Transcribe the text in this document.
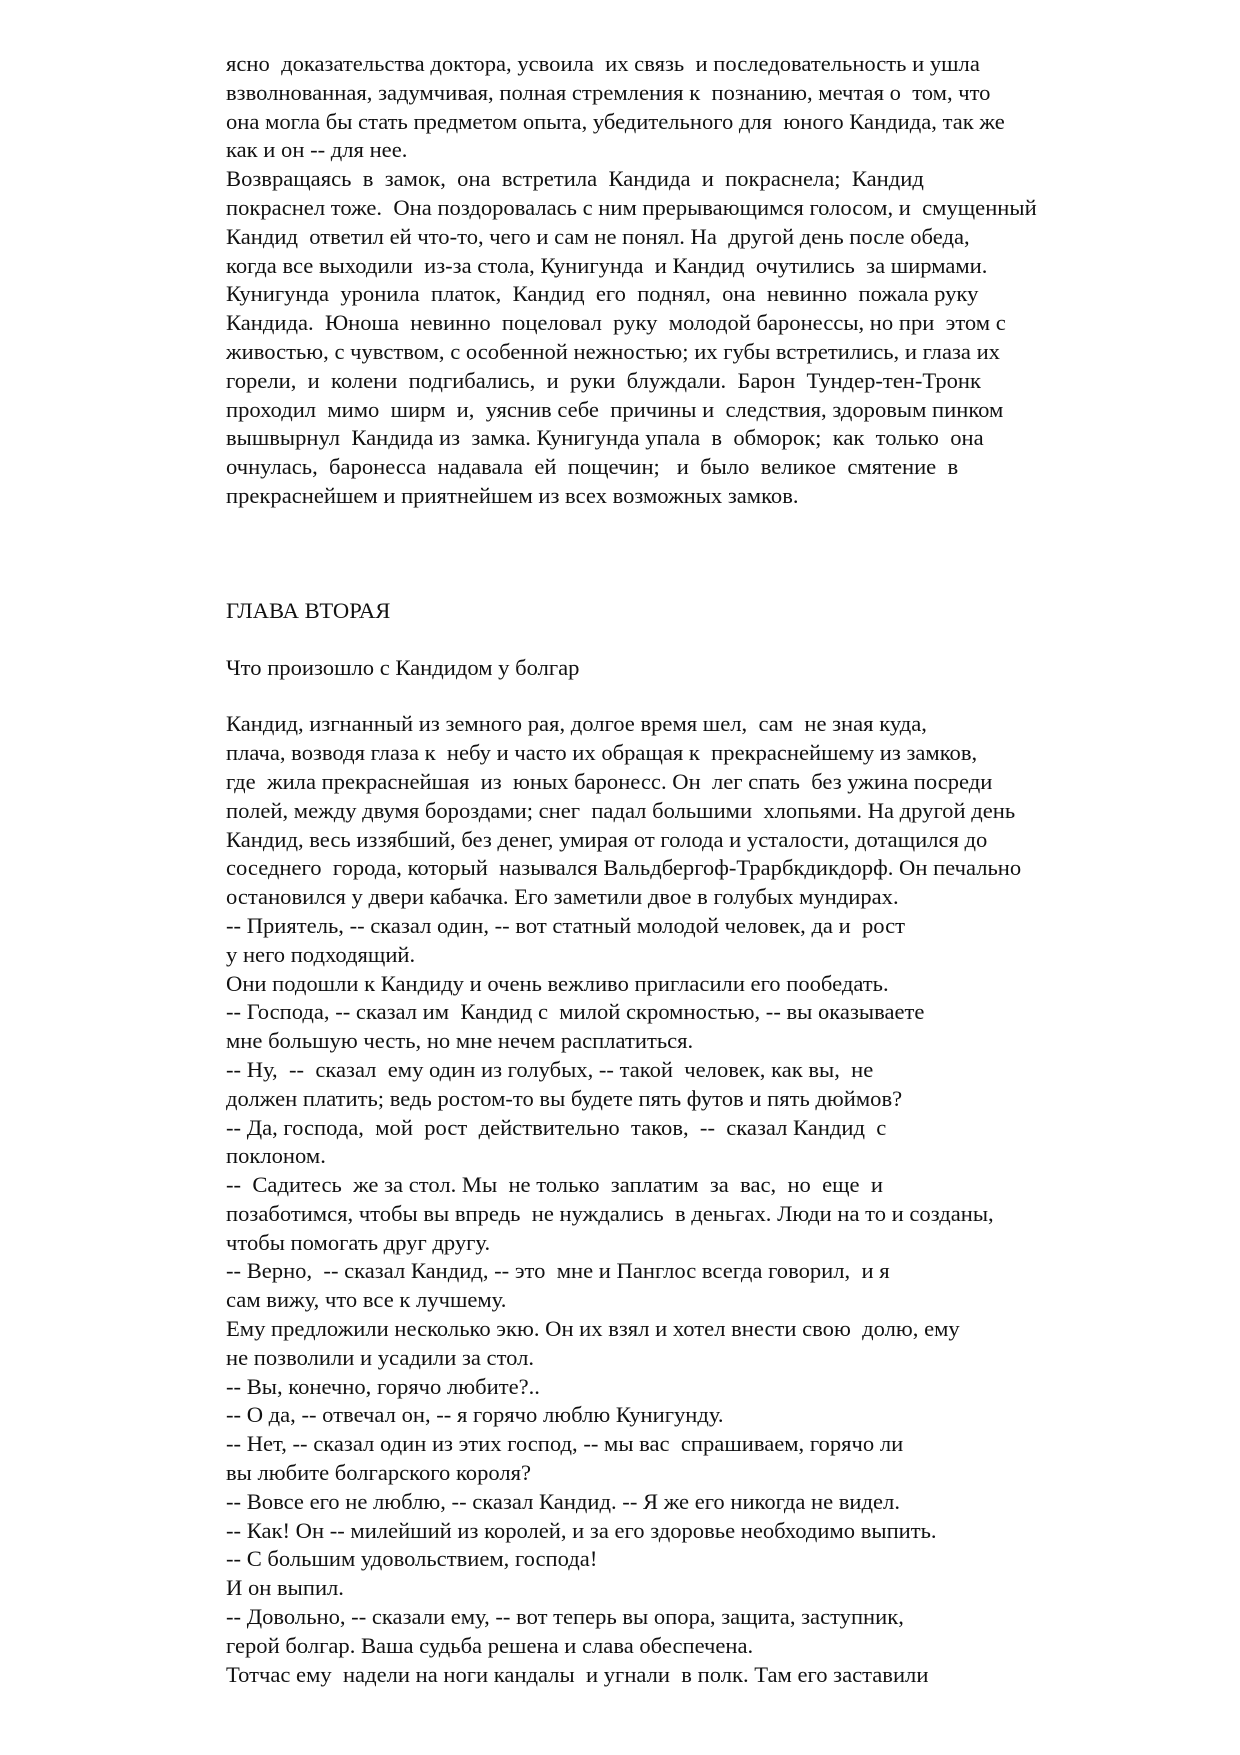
ясно  доказательства доктора, усвоила  их связь  и последовательность и ушла
взволнованная, задумчивая, полная стремления к  познанию, мечтая о  том, что
она могла бы стать предметом опыта, убедительного для  юного Кандида, так же
как и он -- для нее.
Возвращаясь  в  замок,  она  встретила  Кандида  и  покраснела;  Кандид
покраснел тоже.  Она поздоровалась с ним прерывающимся голосом, и  смущенный
Кандид  ответил ей что-то, чего и сам не понял. На  другой день после обеда,
когда все выходили  из-за стола, Кунигунда  и Кандид  очутились  за ширмами.
Кунигунда  уронила  платок,  Кандид  его  поднял,  она  невинно  пожала руку
Кандида.  Юноша  невинно  поцеловал  руку  молодой баронессы, но при  этом с
живостью, с чувством, с особенной нежностью; их губы встретились, и глаза их
горели,  и  колени  подгибались,  и  руки  блуждали.  Барон  Тундер-тен-Тронк
проходил  мимо  ширм  и,  уяснив себе  причины и  следствия, здоровым пинком
вышвырнул  Кандида из  замка. Кунигунда упала  в  обморок;  как  только  она
очнулась,  баронесса  надавала  ей  пощечин;   и  было  великое  смятение  в
прекраснейшем и приятнейшем из всех возможных замков.
ГЛАВА ВТОРАЯ
Что произошло с Кандидом у болгар
Кандид, изгнанный из земного рая, долгое время шел,  сам  не зная куда,
плача, возводя глаза к  небу и часто их обращая к  прекраснейшему из замков,
где  жила прекраснейшая  из  юных баронесс. Он  лег спать  без ужина посреди
полей, между двумя бороздами; снег  падал большими  хлопьями. На другой день
Кандид, весь иззябший, без денег, умирая от голода и усталости, дотащился до
соседнего  города, который  назывался Вальдбергоф-Трарбкдикдорф. Он печально
остановился у двери кабачка. Его заметили двое в голубых мундирах.
-- Приятель, -- сказал один, -- вот статный молодой человек, да и  рост
у него подходящий.
Они подошли к Кандиду и очень вежливо пригласили его пообедать.
-- Господа, -- сказал им  Кандид с  милой скромностью, -- вы оказываете
мне большую честь, но мне нечем расплатиться.
-- Ну,  --  сказал  ему один из голубых, -- такой  человек, как вы,  не
должен платить; ведь ростом-то вы будете пять футов и пять дюймов?
-- Да, господа,  мой  рост  действительно  таков,  --  сказал Кандид  с
поклоном.
--  Садитесь  же за стол. Мы  не только  заплатим  за  вас,  но  еще  и
позаботимся, чтобы вы впредь  не нуждались  в деньгах. Люди на то и созданы,
чтобы помогать друг другу.
-- Верно,  -- сказал Кандид, -- это  мне и Панглос всегда говорил,  и я
сам вижу, что все к лучшему.
Ему предложили несколько экю. Он их взял и хотел внести свою  долю, ему
не позволили и усадили за стол.
-- Вы, конечно, горячо любите?..
-- О да, -- отвечал он, -- я горячо люблю Кунигунду.
-- Нет, -- сказал один из этих господ, -- мы вас  спрашиваем, горячо ли
вы любите болгарского короля?
-- Вовсе его не люблю, -- сказал Кандид. -- Я же его никогда не видел.
-- Как! Он -- милейший из королей, и за его здоровье необходимо выпить.
-- С большим удовольствием, господа!
И он выпил.
-- Довольно, -- сказали ему, -- вот теперь вы опора, защита, заступник,
герой болгар. Ваша судьба решена и слава обеспечена.
Тотчас ему  надели на ноги кандалы  и угнали  в полк. Там его заставили
